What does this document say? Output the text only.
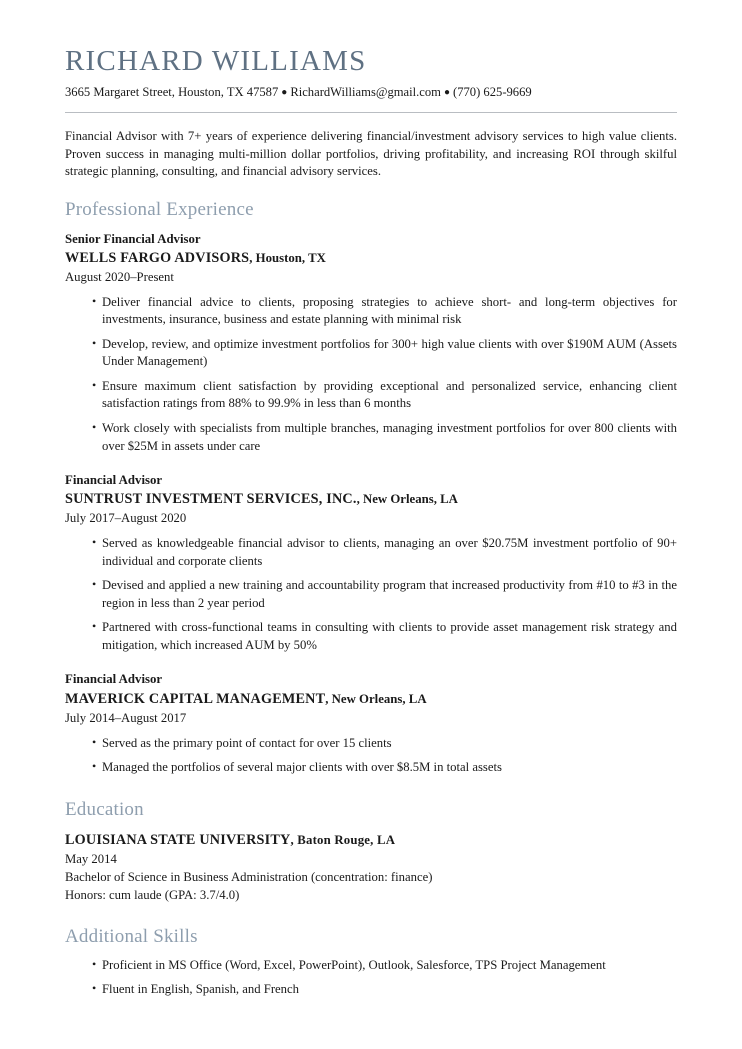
RICHARD WILLIAMS

3665 Margaret Street, Houston, TX 47587 ● RichardWilliams@gmail.com ● (770) 625-9669

Financial Advisor with 7+ years of experience delivering financial/investment advisory services to high value clients. Proven success in managing multi-million dollar portfolios, driving profitability, and increasing ROI through skilful strategic planning, consulting, and financial advisory services.

Professional Experience
Senior Financial Advisor
WELLS FARGO ADVISORS, Houston, TX
August 2020–Present
• Deliver financial advice to clients, proposing strategies to achieve short- and long-term objectives for investments, insurance, business and estate planning with minimal risk
• Develop, review, and optimize investment portfolios for 300+ high value clients with over $190M AUM (Assets Under Management)
• Ensure maximum client satisfaction by providing exceptional and personalized service, enhancing client satisfaction ratings from 88% to 99.9% in less than 6 months
• Work closely with specialists from multiple branches, managing investment portfolios for over 800 clients with over $25M in assets under care
Financial Advisor
SUNTRUST INVESTMENT SERVICES, INC., New Orleans, LA
July 2017–August 2020
• Served as knowledgeable financial advisor to clients, managing an over $20.75M investment portfolio of 90+ individual and corporate clients
• Devised and applied a new training and accountability program that increased productivity from #10 to #3 in the region in less than 2 year period
• Partnered with cross-functional teams in consulting with clients to provide asset management risk strategy and mitigation, which increased AUM by 50%
Financial Advisor
MAVERICK CAPITAL MANAGEMENT, New Orleans, LA
July 2014–August 2017
• Served as the primary point of contact for over 15 clients
• Managed the portfolios of several major clients with over $8.5M in total assets
Education
LOUISIANA STATE UNIVERSITY, Baton Rouge, LA
May 2014
Bachelor of Science in Business Administration (concentration: finance)
Honors: cum laude (GPA: 3.7/4.0)
Additional Skills
• Proficient in MS Office (Word, Excel, PowerPoint), Outlook, Salesforce, TPS Project Management
• Fluent in English, Spanish, and French
